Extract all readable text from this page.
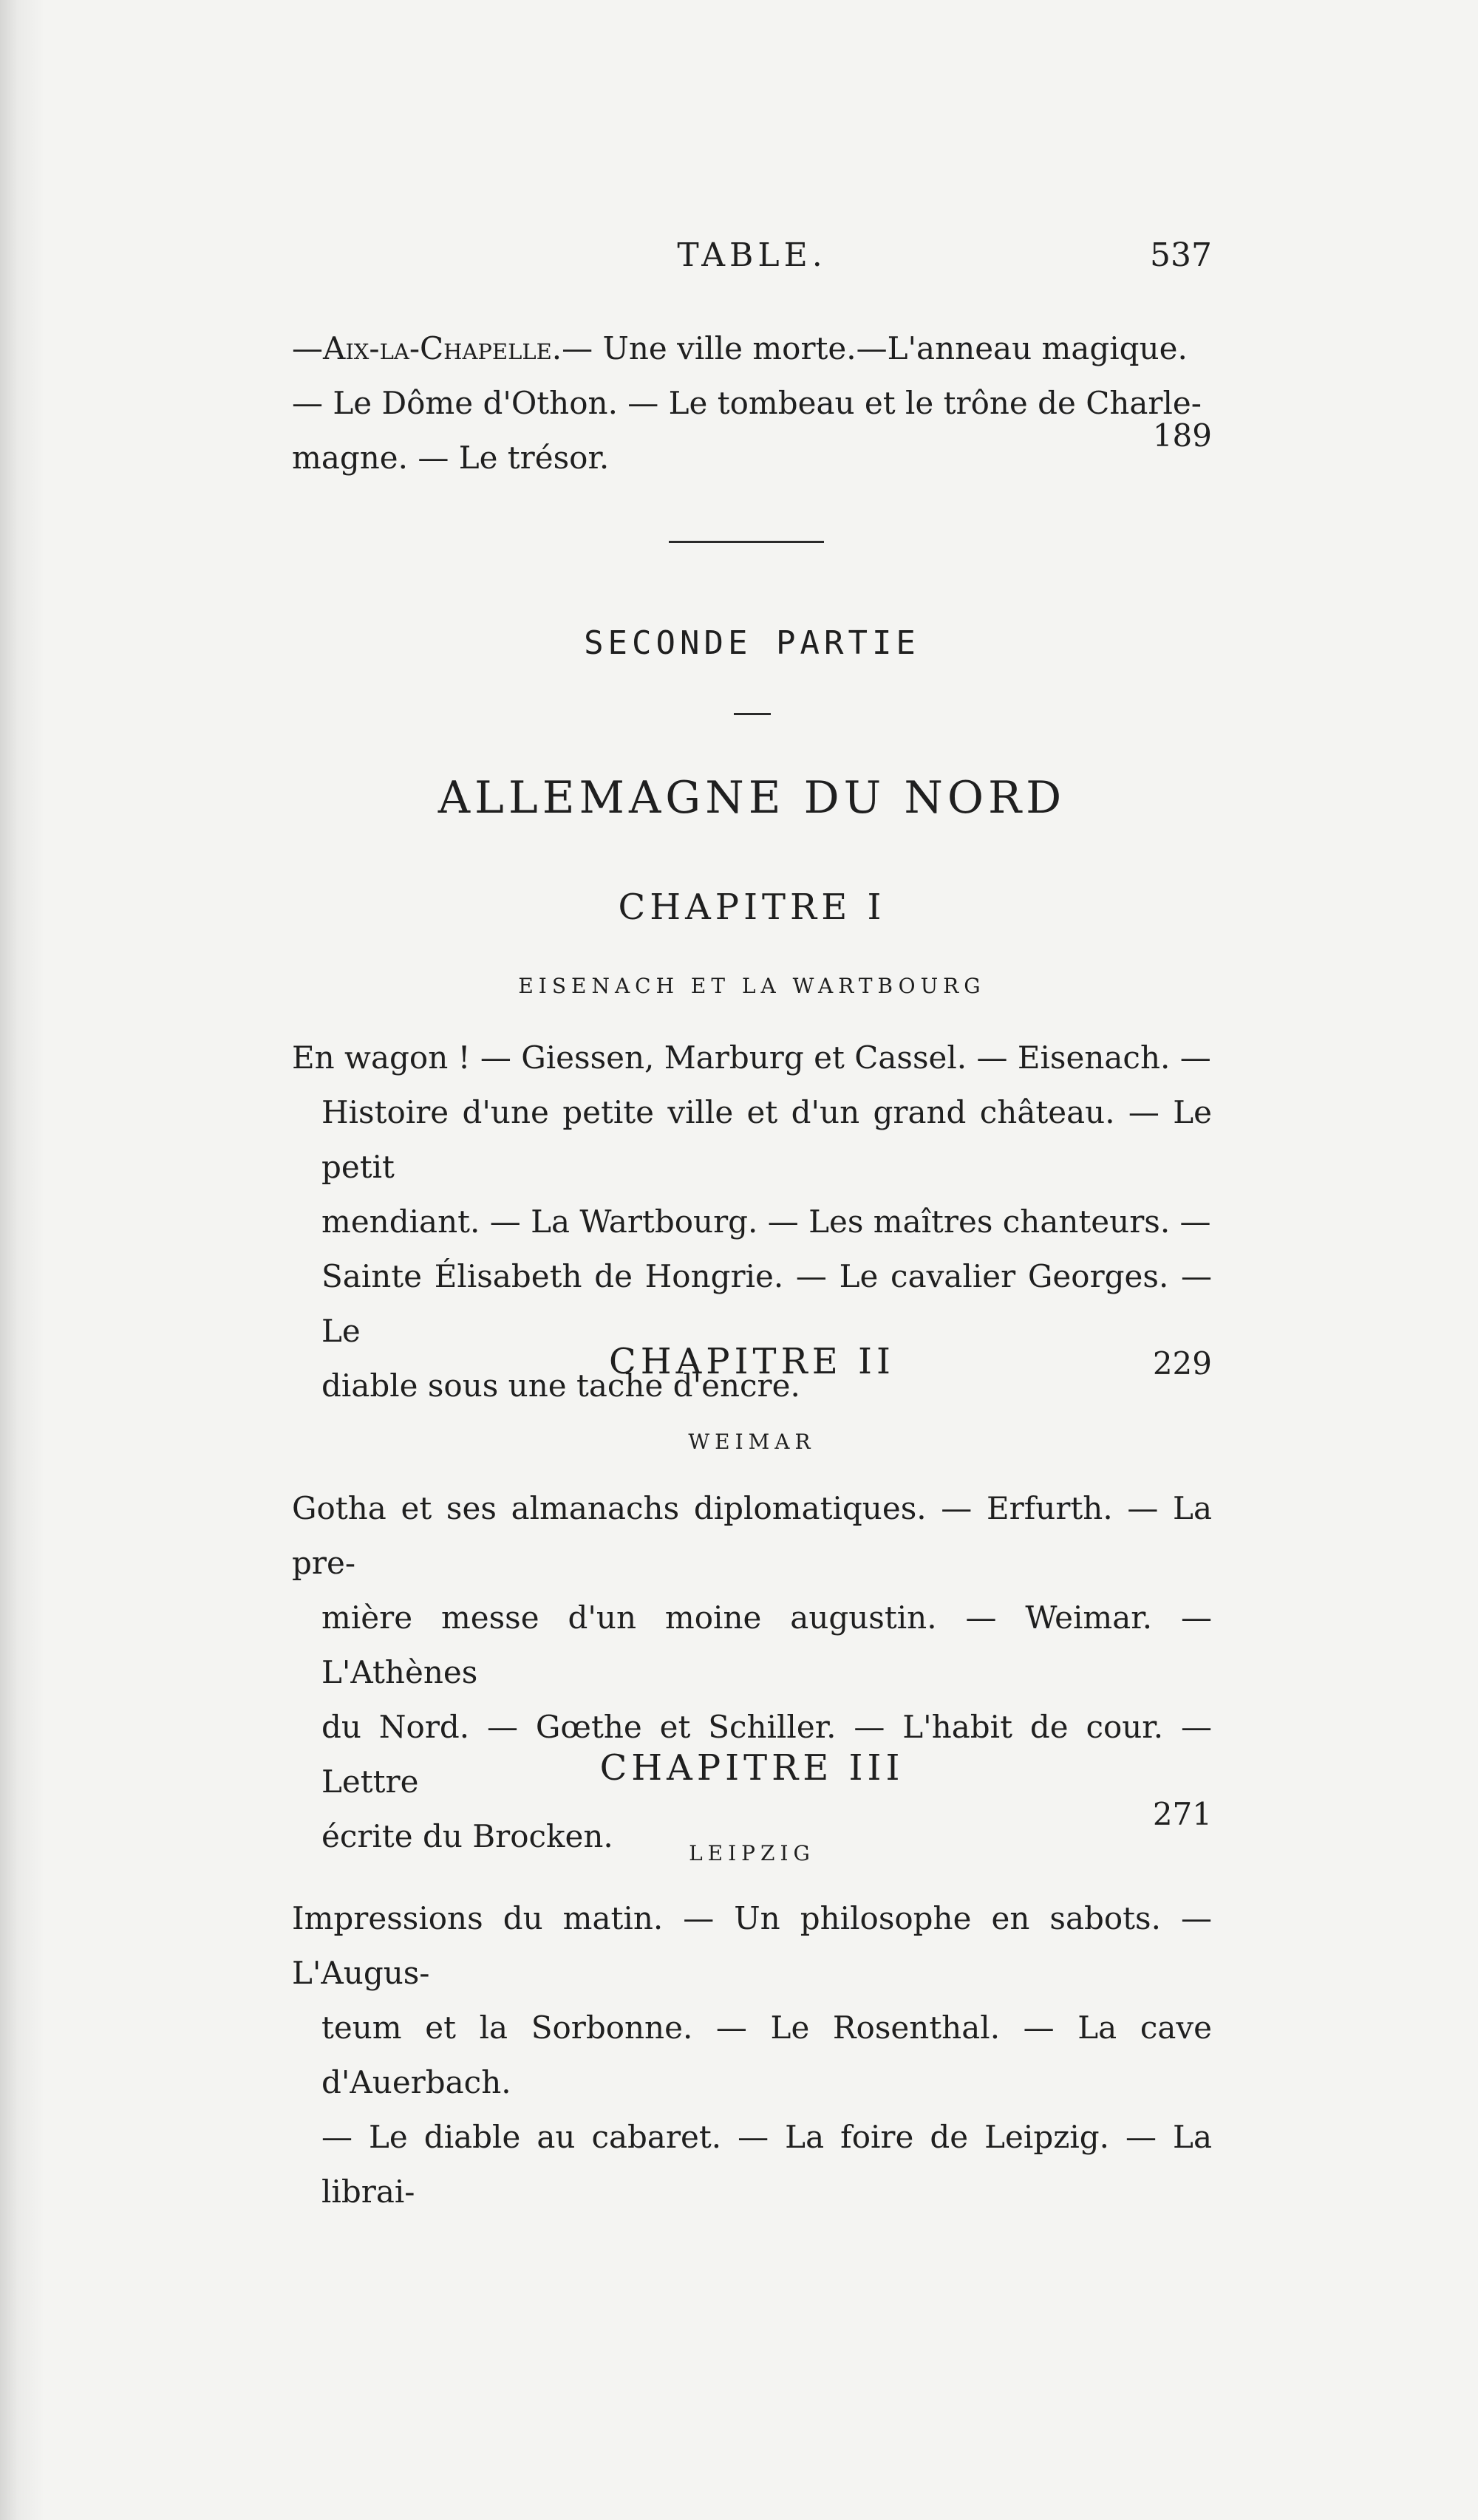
TABLE.	537
—Aix-la-Chapelle.— Une ville morte.—L'anneau magique.
— Le Dôme d'Othon. — Le tombeau et le trône de Charle-
magne. — Le trésor.
189
SECONDE PARTIE
ALLEMAGNE DU NORD
CHAPITRE I
EISENACH ET LA WARTBOURG
En wagon ! — Giessen, Marburg et Cassel. — Eisenach. —
Histoire d'une petite ville et d'un grand château. — Le petit
mendiant. — La Wartbourg. — Les maîtres chanteurs. —
Sainte Élisabeth de Hongrie. — Le cavalier Georges. — Le
diable sous une tache d'encre.
229
CHAPITRE II
WEIMAR
Gotha et ses almanachs diplomatiques. — Erfurth. — La pre-
mière messe d'un moine augustin. — Weimar. — L'Athènes
du Nord. — Gœthe et Schiller. — L'habit de cour. — Lettre
écrite du Brocken.
271
CHAPITRE III
LEIPZIG
Impressions du matin. — Un philosophe en sabots. — L'Augus-
teum et la Sorbonne. — Le Rosenthal. — La cave d'Auerbach.
— Le diable au cabaret. — La foire de Leipzig. — La librai-
